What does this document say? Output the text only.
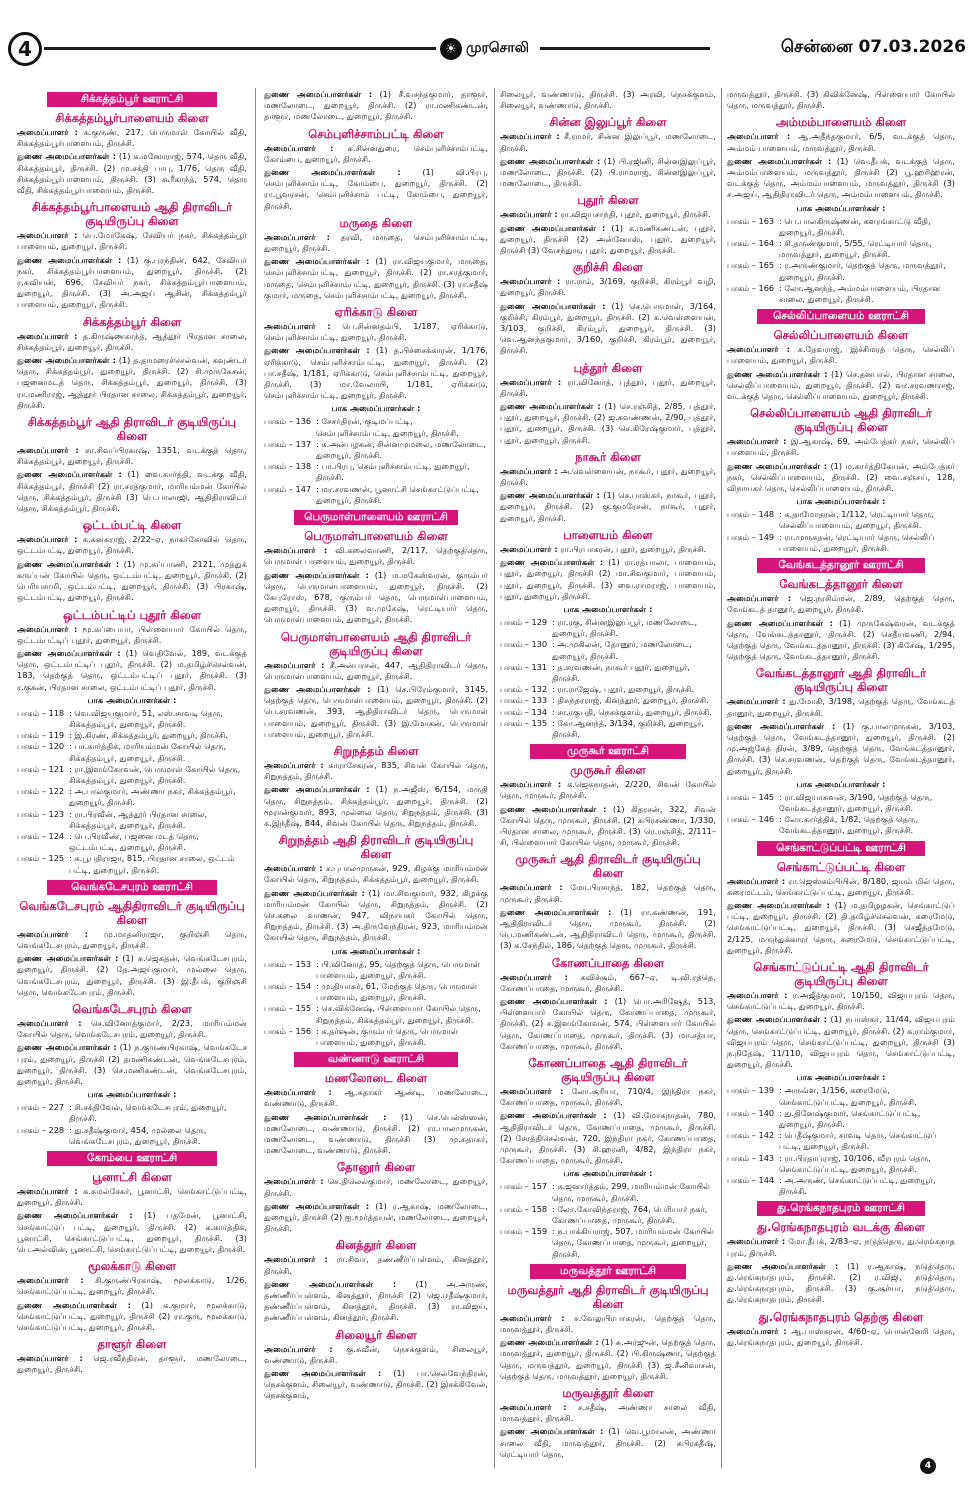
4	☀ முரசொலி	சென்னை 07.03.2026
சிக்கத்தம்பூர் ஊராட்சி
சிக்கத்தம்பூர்பாளையம் கிளை
அமைப்பாளர் : க.குருண், 217, பெருமாள் கோயில் வீதி, சிக்கத்தம்பூர்பாளையம், திருச்சி.
துணை அமைப்பாளர்கள் : (1) க.மனோராஜ், 574, தெரு வீதி, சிக்கத்தம்பூர், திருச்சி. (2) மு.சக்தி பாபு, 1/76, தெரு வீதி, சிக்கத்தம்பூர்பாளையம், திருச்சி. (3) கூரீகாந்த், 574, தெரு வீதி, சிக்கத்தம்பூர்பாளையம், திருச்சி.
சிக்கத்தம்பூர்பாளையம் ஆதி திராவிடர் குடியிருப்பு கிளை
அமைப்பாளர் : பெ.மோகேஷ், சேவியர் நகர், சிக்கத்தம்பூர் பாளையம், துறையூர், திருச்சி.
துணை அமைப்பாளர்கள் : (1) கு.புரந்தின், 642, சேவியர் நகர், சிக்கத்தம்பூர்பாளையம், துறையூர், திருச்சி. (2) ர.கவியன், 696, சேவியர் நகர், சிக்கத்தம்பூர்பாளையம், துறையூர், திருச்சி. (3) அ.அஜய் ஆசின், சிக்கத்தம்பூர் பாளையம், துறையூர், திருச்சி.
சிக்கத்தம்பூர் கிளை
அமைப்பாளர் : த.கிருஷ்ணகாந்த், ஆத்தூர் பிரதான சாலை, சிக்கத்தம்பூர், துறையூர், திருச்சி.
துணை அமைப்பாளர்கள் : (1) த.தாமரைச்செல்வன், கவுண்டர் தெரு, சிக்கத்தம்பூர், துறையூர், திருச்சி. (2) சி.முருகேசன், பஜனைமடத் தெரு, சிக்கத்தம்பூர், துறையூர், திருச்சி. (3) ரா.மணிராஜ், ஆத்தூர் பிரதான சாலை, சிக்கத்தம்பூர், துறையூர், திருச்சி.
சிக்கத்தம்பூர் ஆதி திராவிடர் குடியிருப்பு கிளை
அமைப்பாளர் : சா.சிவப்பிரகாஷ், 1351, வடக்குத் தெரு, சிக்கத்தம்பூர், துறையூர், திருச்சி.
துணை அமைப்பாளர்கள் : (1) வை.கார்த்தி, வடக்கு வீதி, சிக்கத்தம்பூர், திருச்சி (2) ரா.சரத்குமார், மாரியம்மன் கோயில் தெரு, சிக்கத்தம்பூர், திருச்சி (3) பெ.பாலாஜி, ஆதிதிராவிடர் தெரு, சிக்கத்தம்பூர், திருச்சி.
ஒட்டம்பட்டி கிளை
அமைப்பாளர் : க.கனகராஜ், 2/22–ஏ, நாகர்கோவில் தெரு, ஒட்டம்பட்டி, துறையூர், திருச்சி.
துணை அமைப்பாளர்கள் : (1) மு.சுப்பாணி, 2121, முத்துக் கருப்பன் கோயில் தெரு, ஒட்டம்பட்டி, துறையூர், திருச்சி. (2) பெரியசாமி, ஒட்டம்பட்டி, துறையூர், திருச்சி. (3) பிரகாஷ், ஒட்டம்பட்டி, துறையூர், திருச்சி.
ஒட்டம்பட்டிப் புதூர் கிளை
அமைப்பாளர் : மூ.சுப்பையா, பிள்ளையார் கோயில் தெரு, ஒட்டம்பட்டிப் புதூர், துறையூர், திருச்சி.
துணை அமைப்பாளர்கள் : (1) வெதிவேல், 189, வடக்குத் தெரு, ஒட்டம்பட்டிப் புதூர், திருச்சி. (2) ம.தமிழ்ச்செல்வன், 183, தெற்குத் தெரு, ஒட்டம்பட்டிப் புதூர், திருச்சி. (3) ர.குகன், பிரதான சாலை, ஒட்டம்பட்டிப் புதூர், திருச்சி.
பாக அமைப்பாளர்கள் :
பாகம் – 118 : வெ.விஜயகுமார், 51, எஸ்.சாவடி தெரு, சிக்கத்தம்பூர், துறையூர், திருச்சி.
பாகம் – 119 : இ.கிரண், சிக்கத்தம்பூர், துறையூர், திருச்சி.
பாகம் – 120 : பா.கார்த்திக், மாரியம்மன் கோயில் தெரு, சிக்கத்தம்பூர், துறையூர், திருச்சி.
பாகம் – 121 : ரா.இளங்கோவன், பெருமாள் கோயில் தெரு, சிக்கத்தம்பூர், துறையூர், திருச்சி.
பாகம் – 122 : அ.பாலகுமார், அண்ணா நகர், சிக்கத்தம்பூர், துறையூர், திருச்சி.
பாகம் – 123 : ரா.பிரவீன், ஆத்தூர் பிரதான சாலை, சிக்கத்தம்பூர், துறையூர், திருச்சி.
பாகம் – 124 : பெ.பிரவீண், பஜனை மடத் தெரு, ஒட்டம்பட்டி, துறையூர், திருச்சி.
பாகம் – 125 : சு.பூபதிராஜா, 815, பிரதான சாலை, ஒட்டம் பட்டி, துறையூர், திருச்சி.
வெங்கடேசபுரம் ஊராட்சி
வெங்கடேசபுரம் ஆதிதிராவிடர் குடியிருப்பு கிளை
அமைப்பாளர் : மு.மாதனிராஜா, குறிஞ்சி தெரு, வெங்கடேசபுரம், துறையூர், திருச்சி.
துணை அமைப்பாளர்கள் : (1) க.ஜெகதன், வெங்கடேசபுரம், துறையூர், திருச்சி. (2) தே.அஜய்குமார், முல்லை தெரு, வெங்கடேசபுரம், துறையூர், திருச்சி. (3) இ.தீபக், குறிஞ்சி தெரு, வெங்கடேசபுரம், திருச்சி.
வெங்கடேசபுரம் கிளை
அமைப்பாளர் : செ.வினோத்குமார், 2/23, மாரியம்மன் கோயில் தெரு, வெங்கடேசபுரம், துறையூர், திருச்சி.
துணை அமைப்பாளர்கள் : (1) ந.குருண்பிரகாஷ், வெங்கடேச புரம், துறையூர், திருச்சி (2) தமணிகண்டன், வெங்கடேசபுரம், துறையூர், திருச்சி. (3) செ.மணிகண்டன், வெங்கடேசபுரம், துறையூர், திருச்சி.
பாக அமைப்பாளர்கள் :
பாகம் – 227 : சி.சக்திவேல், வெங்கடேசபுரம், துறையூர், திருச்சி.
பாகம் – 228 : து.சதீஷ்குமார், 454, முல்லை தெரு, வெங்கடேசபுரம், துறையூர், திருச்சி.
கோம்பை ஊராட்சி
பூனாட்சி கிளை
அமைப்பாளர் : க.கமல்சேகர், பூனாட்சி, செங்காட்டுப்பட்டி, துறையூர், திருச்சி.
துணை அமைப்பாளர்கள் : (1) பதமேன், பூனாட்சி, செங்காட்டுப் பட்டி, துறையூர், திருச்சி. (2) க.கார்த்திக், பூனாட்சி, செங்காட்டுப்பட்டி, துறையூர், திருச்சி. (3) பெ.அல்வின், பூனாட்சி, செங்காட்டுப்பட்டி, துறையூர், திருச்சி.
மூலக்காடு கிளை
அமைப்பாளர் : சி.குருண்பிரகாஷ், மூலக்காடு, 1/26, செங்காட்டுப்பட்டி, துறையூர், திருச்சி.
துணை அமைப்பாளர்கள் : (1) க.குமார், மூலக்காடு, செங்காட்டுப்பட்டி, துறையூர், திருச்சி (2) ரா.குரு, மூலக்காடு, செங்காட்டுப்பட்டி, துறையூர், திருச்சி.
தாளூர் கிளை
அமைப்பாளர் : ஜெ.ரவீந்திரன், தாளூர், மணலோடை, துறையூர், திருச்சி.
துணை அமைப்பாளர்கள் : (1) சீ.வசந்தகுமார், தாளூர், மணலோடை, துறையூர், திருச்சி. (2) ரா.மணிகண்டன், தாளூர், மணலோடை, துறையூர், திருச்சி.
செம்புளிச்சாம்பட்டி கிளை
அமைப்பாளர் : க.சின்னதுரை, செம்புளிச்சாம்பட்டி, கோம்பை, துறையூர், திருச்சி.
துணை அமைப்பாளர்கள் : (1) வி.பிரபு, செம்புளிச்சாம்பட்டி, கோம்பை, துறையூர், திருச்சி. (2) ரா.பூவரசன், செம்புளிச்சாம் பட்டி, கோம்பை, துறையூர், திருச்சி.
மருதை கிளை
அமைப்பாளர் : தரவி, மருதை, செம்புளிச்சாம்பட்டி, துறையூர், திருச்சி.
துணை அமைப்பாளர்கள் : (1) ரா.விஜயகுமார், மருதை, செம்புளிச்சாம்பட்டி, துறையூர், திருச்சி. (2) ரா.சரத்குமார், மருதை, செம்புளிச்சாம்பட்டி, துறையூர், திருச்சி. (3) ரா.சதீஷ் குமார், மருதை, செம்புளிச்சாம்பட்டி, துறையூர், திருச்சி.
ஏரிக்காடு கிளை
அமைப்பாளர் : பெ.சின்னதம்பி, 1/187, ஏரிக்காடு, செம்புளிச்சாம்பட்டி, துறையூர், திருச்சி.
துணை அமைப்பாளர்கள் : (1) த.பிச்சைக்காரன், 1/176, ஏரிக்காடு, செம்புளிச்சாம்பட்டி, துறையூர், திருச்சி. (2) பா.சதீஷ், 1/181, ஏரிக்காடு, செம்புளிச்சாம்பட்டி, துறையூர், திருச்சி. (3) மா.வேலாயி, 1/181, ஏரிக்காடு, செம்புளிச்சாம்பட்டி, துறையூர், திருச்சி.
பாக அமைப்பாளர்கள் :
பாகம் – 136 : சேசர்திரன், குடிமப்பட்டி, செம்புளிச்சாம்பட்டி, துறையூர், திருச்சி.
பாகம் – 137 : க.அன்பழகன், சின்னமுமலை, மணலோடை, துறையூர், திருச்சி.
பாகம் – 138 : பா.பிரபு, செம்புளிச்சாம்பட்டி, துறையூர், திருச்சி.
பாகம் – 147 : மா.சரவணன், பூனாட்சி செங்காட்டுப்பட்டி, துறையூர், திருச்சி.
பெருமாள்பாளையம் ஊராட்சி
பெருமாள்பாளையம் கிளை
அமைப்பாளர் : வி.கலைவாணி, 2/117, தெற்குத்தெரு, பெருமாள் பாளையம், துறையூர், திருச்சி.
துணை அமைப்பாளர்கள் : (1) ம.மகேஸ்வரன், குரும்பர் தெரு, பெருமாள்பாளையம், துறையூர், திருச்சி. (2) கேபுரோஸ், 678, குரும்பர் தெரு, பெருமாள்பாளையம், துறையூர், திருச்சி. (3) வ.முகேஷ், ரெட்டியார் தெரு, பெருமாள்பாளையம், துறையூர், திருச்சி.
பெருமாள்பாளையம் ஆதி திராவிடர் குடியிருப்பு கிளை
அமைப்பாளர் : சீ.அன்பரசன், 447, ஆதிதிராவிடர் தெரு, பெருமாள்பாளையம், துறையூர், திருச்சி.
துணை அமைப்பாளர்கள் : (1) செ.பிரேம்குமார், 3145, தெற்குத் தெரு, பெருமாள்பாளையம், துறையூர், திருச்சி. (2) பெ.சரவணன், 393, ஆதிதிராவிடர் தெரு, பெருமாள் பாளையம், துறையூர், திருச்சி. (3) இ.மோகன், பெருமாள் பாளையம், துறையூர், திருச்சி.
சிறுநத்தம் கிளை
அமைப்பாளர் : காராசேகரன், 835, சிவன் கோயில் தெரு, சிறுநத்தம், திருச்சி.
துணை அமைப்பாளர்கள் : (1) ந.அஜீஸ், 6/154, மருதி தெரு, சிறுநத்தம், சிக்கத்தம்பூர், துறையூர், திருச்சி. (2) மூரான்குமார், 893, முல்லை தெரு, சிறுநத்தம், திருச்சி. (3) க.இந்தீஷ், 844, சிவன் கோயில் தெரு, சிறுநத்தம், திருச்சி.
சிறுநத்தம் ஆதி திராவிடர் குடியிருப்பு கிளை
அமைப்பாளர் : ச.புபாலமுருகன், 929, கிழக்கு மாரியம்மன் கோயில் தெரு, சிறுநத்தம், சிக்கத்தம்பூர், துறையூர், திருச்சி.
துணை அமைப்பாளர்கள் : (1) மா.சிவகுமார், 932, கிழக்கு மாரியம்மன் கோயில் தெரு, சிறுநத்தம், திருச்சி. (2) செ.கலை வாணன், 947, விநாயகர் கோயில் தெரு, சிறுநத்தம், திருச்சி. (3) அ.திருவேந்திரன், 923, மாரியம்மன் கோயில் தெரு, சிறுநத்தம், திருச்சி.
பாக அமைப்பாளர்கள் :
பாகம் – 153 : பி.வினோத், 95, தெற்குத் தெரு, பெருமாள் பாளையம், துறையூர், திருச்சி.
பாகம் – 154 : மு.தியாகர், 61, மேற்குத் தெரு, பெருமாள் பாளையம், துறையூர், திருச்சி.
பாகம் – 155 : செ.விக்னேஷ், பிள்ளையார் கோயில் தெரு, சிறுநத்தம், சிக்கத்தம்பூர், துறையூர், திருச்சி.
பாகம் – 156 : க.தர்ஷன், குரும்பர் தெரு, பெருமாள் பாளையம், துறையூர், திருச்சி.
வண்ணாடு ஊராட்சி
மணலோடை கிளை
அமைப்பாளர் : ஆ.சுதாகர் ஆண்டி, மணலோடை, வண்ணாடு, திருச்சி.
துணை அமைப்பாளர்கள் : (1) செ.பெல்ஸ்ஸன், மணலோடை, வண்ணாடு, திருச்சி. (2) ரா.பாலமுருகன், மணலோடை, வண்ணாடு, திருச்சி (3) மு.சுதாகர், மணலோடை, வண்ணாடு, திருச்சி.
தோனூர் கிளை
அமைப்பாளர் : செ.திலெல்குமார், மணலோடை, துறையூர், திருச்சி.
துணை அமைப்பாளர்கள் : (1) ர.ஆகாஷ், மணலோடை, துறையூர், திருச்சி (2) ஐ.மூர்த்தயன், மணலோடை, துறையூர், திருச்சி.
கினத்தூர் கிளை
அமைப்பாளர் : ரா.சிவா, தண்ணீர்ப்பள்ளம், கினத்தூர், திருச்சி.
துணை அமைப்பாளர்கள் : (1) அ.அருண், தண்ணீர்ப்பள்ளம், கினத்தூர், திருச்சி (2) ஜெ.ஈதீஷ்குமார், தண்ணீர்ப்பள்ளம், கினத்தூர், திருச்சி. (3) ரா.விஜய், தண்ணீர்ப்பள்ளம், கினத்தூர், திருச்சி.
சிலையூர் கிளை
அமைப்பாளர் : கு.சுவீன், நெசக்குளம், சிலையூர், வண்ணாடு, திருச்சி.
துணை அமைப்பாளர்கள் : (1) பா.செல்வேந்திரன், நெசக்குளம், சிலையூர், வண்ணாடு, திருச்சி. (2) இசக்கிவேல், நெசக்குளம்,
சிலையூர், வண்ணாடு, திருச்சி. (3) அரவி, நெசக்குளம், சிலையூர், வண்ணாடு, திருச்சி.
சின்ன இலுப்பூர் கிளை
அமைப்பாளர் : சீ.ராமர், சின்ன இலுப்பூர், மணலோடை, திருச்சி.
துணை அமைப்பாளர்கள் : (1) பி.ரஜினி, சின்னஇலுப்பூர், மணலோடை, திருச்சி. (2) பி.ராமராஜ், சின்னஇலுப்பூர், மணலோடை, திருச்சி.
புதூர் கிளை
அமைப்பாளர் : ரா.விஜயசாந்தி, புதூர், துறையூர், திருச்சி.
துணை அமைப்பாளர்கள் : (1) க.மணிகண்டன், புதூர், துறையூர், திருச்சி (2) அன்னோஸ், புதூர், துறையூர், திருச்சி (3) வேசந்துரு, புதூர், துறையூர், திருச்சி.
குறிச்சி கிளை
அமைப்பாளர் : ரா.ராம், 3/169, குறிச்சி, கிரம்பூர் வழி, துறையூர், திருச்சி.
துணை அமைப்பாளர்கள் : (1) செ.பெருமாள், 3/164, குறிச்சி, கிரம்பூர், துறையூர், திருச்சி. (2) க.வெள்ளையன், 3/103, குறிச்சி, கிரம்பூர், துறையூர், திருச்சி. (3) வெ.ஆனந்தகுமார், 3/160, குறிச்சி, கிரம்பூர், துறையூர், திருச்சி.
புத்தூர் கிளை
அமைப்பாளர் : ரா.வினோத், புத்தூர், புதூர், துறையூர், திருச்சி.
துணை அமைப்பாளர்கள் : (1) செ.ரஞ்சித், 2/85, புத்தூர், புதூர், துறையூர், திருச்சி. (2) ஜ.கவண்ணன், 2/90, புத்தூர், புதூர், துறையூர், திருச்சி. (3) செ.கிரேஷ்குமார், புத்தூர், புதூர், துறையூர், திருச்சி.
நாகூர் கிளை
அமைப்பாளர் : அ.வெள்ளையன், நாகூர், புதூர், துறையூர், திருச்சி.
துணை அமைப்பாளர்கள் : (1) செ.பாஸ்கர், நாகூர், புதூர், துறையூர், திருச்சி. (2) கு.குமரேசன், நாகூர், புதூர், துறையூர், திருச்சி.
பாளையம் கிளை
அமைப்பாளர் : ரா.பிரபாகரன், புதூர், துறையூர், திருச்சி.
துணை அமைப்பாளர்கள் : (1) ரா.ரத்பாலா, பாளையம், புதூர், துறையூர், திருச்சி (2) மா.சிவகுமார், பாளையம், புதூர், துறையூர், திருச்சி. (3) வை.ராமராஜ், பாளையம், புதூர், துறையூர், திருச்சி.
பாக அமைப்பாளர்கள் :
பாகம் – 129 : ரா.ரகு, சின்னஇலுப்பூர், மணலோடை, துறையூர், திருச்சி.
பாகம் – 130 : அ.முகிலன், தோனூர், மணலோடை, துறையூர், திருச்சி.
பாகம் – 131 : த.சரவணன், நாகூர் புதூர், துறையூர், திருச்சி.
பாகம் – 132 : ரா.ராஜேஷ், புதூர், துறையூர், திருச்சி.
பாகம் – 133 : திசுந்தரராஜ், கினத்தூர், துறையூர், திருச்சி.
பாகம் – 134 : சா.ரகுபதி, நெசக்குளம், துறையூர், திருச்சி.
பாகம் – 135 : கோ.ஆனந்த், 3/134, குறிச்சி, துறையூர், திருச்சி.
முருகூர் ஊராட்சி
முருகூர் கிளை
அமைப்பாளர் : க.ஜெகநாதன், 2/220, சிவன் கோயில் தெரு, முருகூர், திருச்சி.
துணை அமைப்பாளர்கள் : (1) கிதரசன், 322, சிவன் கோயில் தெரு, முருகூர், திருச்சி. (2) சுபிரசண்ணா, 1/330, பிரதான சாலை, முருகூர், திருச்சி. (3) ரெ.ரஞ்சித், 2/111–சி, பிள்ளையார் கோயில் தெரு, முருகூர், திருச்சி.
முருகூர் ஆதி திராவிடர் குடியிருப்பு கிளை
அமைப்பாளர் : மோ.பிரசாந்த், 182, தெற்குத் தெரு, முருகூர், திருச்சி.
துணை அமைப்பாளர்கள் : (1) ரா.கண்ணன், 191, ஆதிதிராவிடர் தெரு, முருகூர், திருச்சி. (2) பெ.மணிகண்டன், ஆதிதிராவிடர் தெரு, முருகூர், திருச்சி. (3) க.சேந்தில், 186, தெற்குத் தெரு, முருகூர், திருச்சி.
கோணப்பாதை கிளை
அமைப்பாளர் : கவிச்சூம், 667–ஏ, டி.வி.ரத்தெ, கோணப்பாதை, முருகூர், திருச்சி.
துணை அமைப்பாளர்கள் : (1) பொ.அரிஷேத், 513, பிள்ளையார் கோயில் தெரு, கோணப்பாதை, முருகூர், திருச்சி. (2) ச.இளங்கோவன், 574, பிள்ளையார் கோயில் தெரு, கோணப்பாதை, முருகூர், திருச்சி. (3) மா.சத்யா, கோணப்பாதை, முருகூர், திருச்சி.
கோணப்பாதை ஆதி திராவிடர் குடியிருப்பு கிளை
அமைப்பாளர் : லோ.சூரியா, 710/4, இந்திரா நகர், கோணப்பாதை, முருகூர், திருச்சி.
துணை அமைப்பாளர்கள் : (1) வி.மோகநாதன், 780, ஆதிதிராவிடர் தெரு, கோணப்பாதை, முருகூர், திருச்சி. (2) சேரத்திசெல்வன், 720, இந்திரா நகர், கோணப்பாதை, முருகூர், திருச்சி. (3) சி.ஹரனி, 4/82, இந்திரா நகர், கோணப்பாதை, முருகூர், திருச்சி.
பாக அமைப்பாளர்கள் :
பாகம் – 157 : சு.ஜனார்த்தம், 299, மாரியம்மன் கோயில் தெரு, முருகூர், திருச்சி.
பாகம் – 158 : லோ.கோவிந்தராஜ், 764, பெரியார் நகர், கோணப்பாதை, முருகூர், திருச்சி.
பாகம் – 159 : ந.பாக்கியராஜ், 507, மாரியம்மன் கோயில் தெரு, கோணப்பாதை, முருகூர், துறையூர், திருச்சி.
மருவத்தூர் ஊராட்சி
மருவத்தூர் ஆதி திராவிடர் குடியிருப்பு கிளை
அமைப்பாளர் : ச.வேலுபிரபாகரன், தெற்குத் தெரு, மருவத்தூர், திருச்சி.
துணை அமைப்பாளர்கள் : (1) சு.அர்ஜுன், தெற்குத் தெரு, மருவத்தூர், துறையூர், திருச்சி. (2) பி.கிருஷ்ணா, தெற்குத் தெரு, மருவத்தூர், துறையூர், திருச்சி (3) ஜ.சீனிவாசன், தெற்குத் தெரு, மருவத்தூர், துறையூர், திருச்சி.
மருவத்தூர் கிளை
அமைப்பாளர் : ச.சதீஷ், அண்ணா சாலை வீதி, மருவத்தூர், திருச்சி.
துணை அமைப்பாளர்கள் : (1) வெ.பூமாலன், அண்ணா சாலை வீதி, மருவத்தூர், திருச்சி. (2) சுபிரகதீஷ், ரெட்டியார் தெரு,
மருவத்தூர், திருச்சி. (3) கிவிக்னேஷ், பிள்ளையார் கோயில் தெரு, மருவத்தூர், திருச்சி.
அம்மம்பாளையம் கிளை
அமைப்பாளர் : ஆ.அதீந்தகுமார், 6/5, வடக்குத் தெரு, அம்மம் பாளையம், மருவத்தூர், திருச்சி.
துணை அமைப்பாளர்கள் : (1) வெ.தீபக், வடக்குத் தெரு, அம்மம்பாளையம், மருவத்தூர், திருச்சி (2) பூ.ஹரிஹரன், வடக்குத் தெரு, அம்மம்பாளையம், மருவத்தூர், திருச்சி (3) ச.அஜய், ஆதிதிராவிடர் தெரு, அம்மம்பாளையம், திருச்சி.
பாக அமைப்பாளர்கள் :
பாகம் – 163 : பெ.பாலகிருஷ்ணன், களரங்காட்டு வீதி, துறையூர், திருச்சி.
பாகம் – 164 : சி.தருண்குமார், 5/55, ரெட்டியார் தெரு, மருவத்தூர், துறையூர், திருச்சி.
பாகம் – 165 : ர.அருண்குமார், தெற்குத் தெரு, மருவத்தூர், துறையூர், திருச்சி.
பாகம் – 166 : லோ.ஆனந்த், அம்மம்பாளையம், பிரதான சாலை, துறையூர், திருச்சி.
செல்லிப்பாளையம் ஊராட்சி
செல்லிப்பாளையம் கிளை
அமைப்பாளர் : க.தேவராஜ், இச்சிமரத் தெரு, செல்லிப் பாளையம், துறையூர், திருச்சி.
துணை அமைப்பாளர்கள் : (1) செ.தனபால், பிரதான சாலை, செல்லிப்பாளையம், துறையூர், திருச்சி. (2) வா.சரவணராஜ், வடக்குத் தெரு, செல்லிப்பாளையம், துறையூர், திருச்சி.
செல்லிப்பாளையம் ஆதி திராவிடர் குடியிருப்பு கிளை
அமைப்பாளர் : இ.ஆகாஷ், 69, அம்பேத்கர் நகர், செல்லிப் பாளையம், திருச்சி.
துணை அமைப்பாளர்கள் : (1) ம.கார்த்திகேயன், அம்பேத்கர் நகர், செல்லிப்பாளையம், திருச்சி. (2) வை.சஞ்சய், 128, விநாயகர் தெரு, செல்லிப்பாளையம், திருச்சி.
பாக அமைப்பாளர்கள் :
பாகம் – 148 : க.தாமோதரன், 1/112, ரெட்டியார் தெரு, செல்லிப்பாளையம், துறையூர், திருச்சி.
பாகம் – 149 : ரா.முருகதன், ரெட்டியார் தெரு, செல்லிப் பாளையம், துறையூர், திருச்சி.
வேங்கடத்தானூர் ஊராட்சி
வேங்கடத்தானூர் கிளை
அமைப்பாளர் : ஜெ.நரசிம்மன், 2/89, தெற்குத் தெரு, வேங்கடத் தானூர், துறையூர், திருச்சி.
துணை அமைப்பாளர்கள் : (1) முருகேஷ்வரன், வடக்குத் தெரு, வேங்கடத்தானூர், திருச்சி. (2) செதீயவணி, 2/94, தெற்குத் தெரு, வேங்கடத்தானூர், திருச்சி. (3) கிசேஷ், 1/295, தெற்குத் தெரு, வேங்கடத்தானூர், திருச்சி.
வேங்கடத்தானூர் ஆதி திராவிடர் குடியிருப்பு கிளை
அமைப்பாளர் : து.மோகி, 3/198, தெற்குத் தெரு, வேங்கடத் தானூர், துறையூர், திருச்சி.
துணை அமைப்பாளர்கள் : (1) கு.பாலமுருகன், 3/103, தெற்குத் தெரு, வேங்கடத்தானூர், துறையூர், திருச்சி. (2) மு.அஜ்கேத் திரன், 3/89, தெற்குத் தெரு, வேங்கடத்தானூர், திருச்சி. (3) செ.சரவணன், தெற்குத் தெரு, வேங்கடத்தானூர், துறையூர், திருச்சி.
பாக அமைப்பாளர்கள் :
பாகம் – 145 : ரா.விஜயாசுவன், 3/190, தெற்குத் தெரு, வேங்கடத்தானூர், துறையூர், திருச்சி.
பாகம் – 146 : லோ.கார்த்திக், 1/82, தெற்குத் தெரு, வேங்கடத்தானூர், துறையூர், திருச்சி.
செங்காட்டுப்பட்டி ஊராட்சி
செங்காட்டுப்பட்டி கிளை
அமைப்பாளர் : ரா.ஜெஸ்கம்பியின், 8/180, ஜயம் மில் தெரு, கரைமட்டம், செங்காட்டுப்பட்டி, துறையூர், திருச்சி.
துணை அமைப்பாளர்கள் : (1) ம.தமிழழகன், செங்காட்டுப் பட்டி, துறையூர், திருச்சி. (2) தி.தமிழ்ச்செல்வன், கரைமேடு, செங்காட்டுப்பட்டி, துறையூர், திருச்சி. (3) செஜீத்தமேடு, 2/125, மருந்துக்காரர் தெரு, கரைமேடு, செங்காட்டுப்பட்டி, துறையூர், திருச்சி.
செங்காட்டுப்பட்டி ஆதி திராவிடர் குடியிருப்பு கிளை
அமைப்பாளர் : ர.அஜீத்குமார், 10/150, விஜயபுரம் தெரு, செங்காட்டுப்பட்டி, துறையூர், திருச்சி.
துணை அமைப்பாளர்கள் : (1) நபாஸ்கர், 11/44, விஜயபுரம் தெரு, செங்காட்டுப்பட்டி, துறையூர், திருச்சி. (2) க.ராம்குமார், விஜயபுரம் தெரு, செங்காட்டுப்பட்டி, துறையூர், திருச்சி (3) ந.நிதேஷ், 11/110, விஜயபுரம் தெரு, செங்காட்டுப்பட்டி, துறையூர், திருச்சி.
பாக அமைப்பாளர்கள் :
பாகம் – 139 : அருவ்ள, 1/156, கரைமேடு, செங்காட்டுப்பட்டி, துறையூர், திருச்சி.
பாகம் – 140 : து.தினேஷ்குமார், செங்காட்டுப்பட்டி, துறையூர், திருச்சி.
பாகம் – 142 : பெதீஷ்குமார், சாவடி தெரு, செங்காட்டுப் பட்டி, துறையூர், திருச்சி.
பாகம் – 143 : ரா.பிரதாப்ராஜ், 10/106, வீரபுரம் தெரு, செங்காட்டுப்பட்டி, துறையூர், திருச்சி.
பாகம் – 144 : அ.அருண், செங்காட்டுப்பட்டி, துறையூர், திருச்சி.
து.ரெங்கநாதபுரம் ஊராட்சி
து.ரெங்கநாதபுரம் வடக்கு கிளை
அமைப்பாளர் : மோ.தீபக், 2/83–ஏ, நடுத்தெரு, து.ரெங்கநாத புரம், திருச்சி.
துணை அமைப்பாளர்கள் : (1) ர.ஆகாஷ், நடுத்தெரு, து.ரெங்கநாதபுரம், திருச்சி. (2) ர.விஜி, நடுத்தெரு, து.ரெங்கநாதபுரம், திருச்சி. (3) கு.சூர்யா, நடுத்தெரு, து.ரெங்கநாதபுரம், திருச்சி.
து.ரெங்கநாதபுரம் தெற்கு கிளை
அமைப்பாளர் : ஆ.பாஸ்கரன், 4/60–ஏ, பொன்னேரி தெரு, து.ரெங்கநாதபுரம், துறையூர், திருச்சி.
4
